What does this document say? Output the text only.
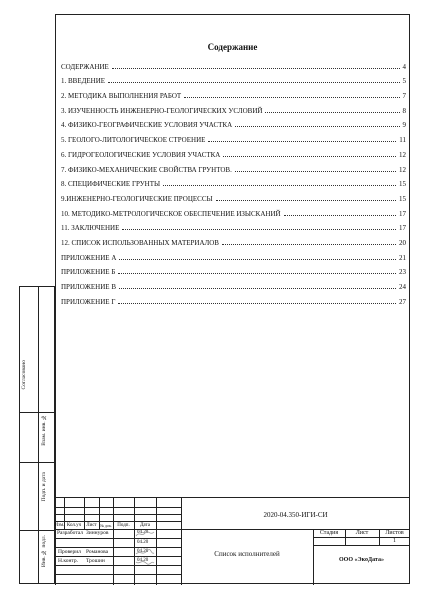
Содержание
СОДЕРЖАНИЕ	4
1. ВВЕДЕНИЕ	5
2. МЕТОДИКА ВЫПОЛНЕНИЯ РАБОТ	7
3. ИЗУЧЕННОСТЬ ИНЖЕНЕРНО-ГЕОЛОГИЧЕСКИХ УСЛОВИЙ	8
4. ФИЗИКО-ГЕОГРАФИЧЕСКИЕ УСЛОВИЯ УЧАСТКА	9
5. ГЕОЛОГО-ЛИТОЛОГИЧЕСКОЕ СТРОЕНИЕ	11
6. ГИДРОГЕОЛОГИЧЕСКИЕ УСЛОВИЯ УЧАСТКА	12
7. ФИЗИКО-МЕХАНИЧЕСКИЕ СВОЙСТВА ГРУНТОВ.	12
8. СПЕЦИФИЧЕСКИЕ ГРУНТЫ	15
9.ИНЖЕНЕРНО-ГЕОЛОГИЧЕСКИЕ ПРОЦЕССЫ	15
10. МЕТОДИКО-МЕТРОЛОГИЧЕСКОЕ ОБЕСПЕЧЕНИЕ ИЗЫСКАНИЙ	17
11. ЗАКЛЮЧЕНИЕ	17
12. СПИСОК ИСПОЛЬЗОВАННЫХ МАТЕРИАЛОВ	20
ПРИЛОЖЕНИЕ А	21
ПРИЛОЖЕНИЕ Б	23
ПРИЛОЖЕНИЕ В	24
ПРИЛОЖЕНИЕ Г	27
Согласовано
Взам. инв. №
Подп. и дата
Инв. № подл.
2020-04.350-ИГИ-СИ
Изм. Кол.уч	Лист № док.	Подп.	Дата
Разработал Зиннуров	04.20
04.20
Проверил Романова	04.20
Н.контр. Трошин	04.20
Список исполнителей
Стадия	Лист	Листов
1
ООО «ЭкоДата»
